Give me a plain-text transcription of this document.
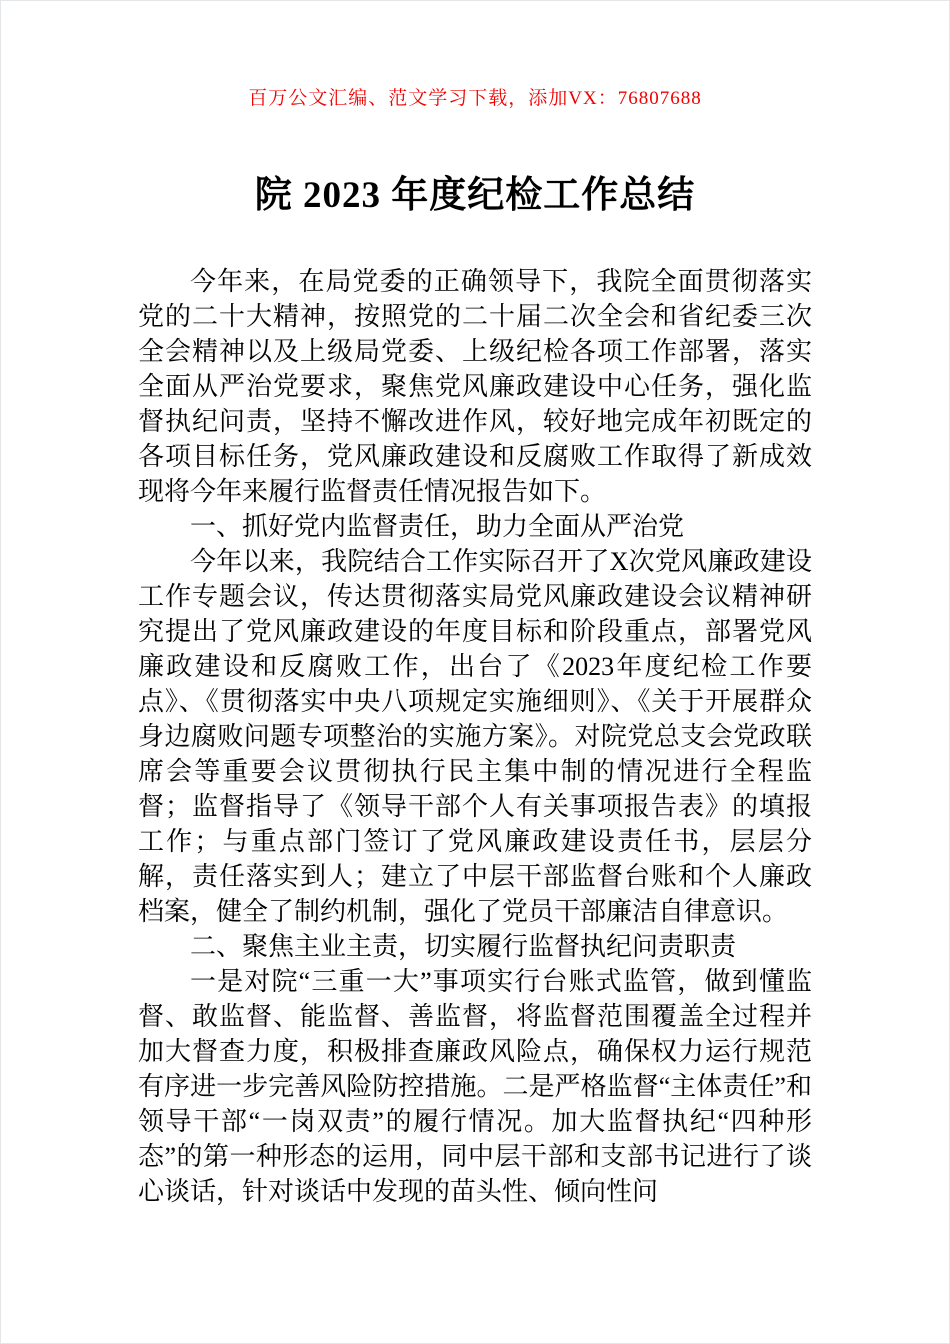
百万公文汇编、范文学习下载，添加VX：76807688
院 2023 年度纪检工作总结

今年来，在局党委的正确领导下，我院全面贯彻落实党的二十大精神，按照党的二十届二次全会和省纪委三次全会精神以及上级局党委、上级纪检各项工作部署，落实全面从严治党要求，聚焦党风廉政建设中心任务，强化监督执纪问责，坚持不懈改进作风，较好地完成年初既定的各项目标任务，党风廉政建设和反腐败工作取得了新成效现将今年来履行监督责任情况报告如下。

一、抓好党内监督责任，助力全面从严治党

今年以来，我院结合工作实际召开了X次党风廉政建设工作专题会议，传达贯彻落实局党风廉政建设会议精神研究提出了党风廉政建设的年度目标和阶段重点，部署党风廉政建设和反腐败工作，出台了《2023年度纪检工作要点》、《贯彻落实中央八项规定实施细则》、《关于开展群众身边腐败问题专项整治的实施方案》。对院党总支会党政联席会等重要会议贯彻执行民主集中制的情况进行全程监督；监督指导了《领导干部个人有关事项报告表》的填报工作；与重点部门签订了党风廉政建设责任书，层层分解，责任落实到人；建立了中层干部监督台账和个人廉政档案，健全了制约机制，强化了党员干部廉洁自律意识。

二、聚焦主业主责，切实履行监督执纪问责职责

一是对院“三重一大”事项实行台账式监管，做到懂监督、敢监督、能监督、善监督，将监督范围覆盖全过程并加大督查力度，积极排查廉政风险点，确保权力运行规范有序进一步完善风险防控措施。二是严格监督“主体责任”和领导干部“一岗双责”的履行情况。加大监督执纪“四种形态”的第一种形态的运用，同中层干部和支部书记进行了谈心谈话，针对谈话中发现的苗头性、倾向性问
